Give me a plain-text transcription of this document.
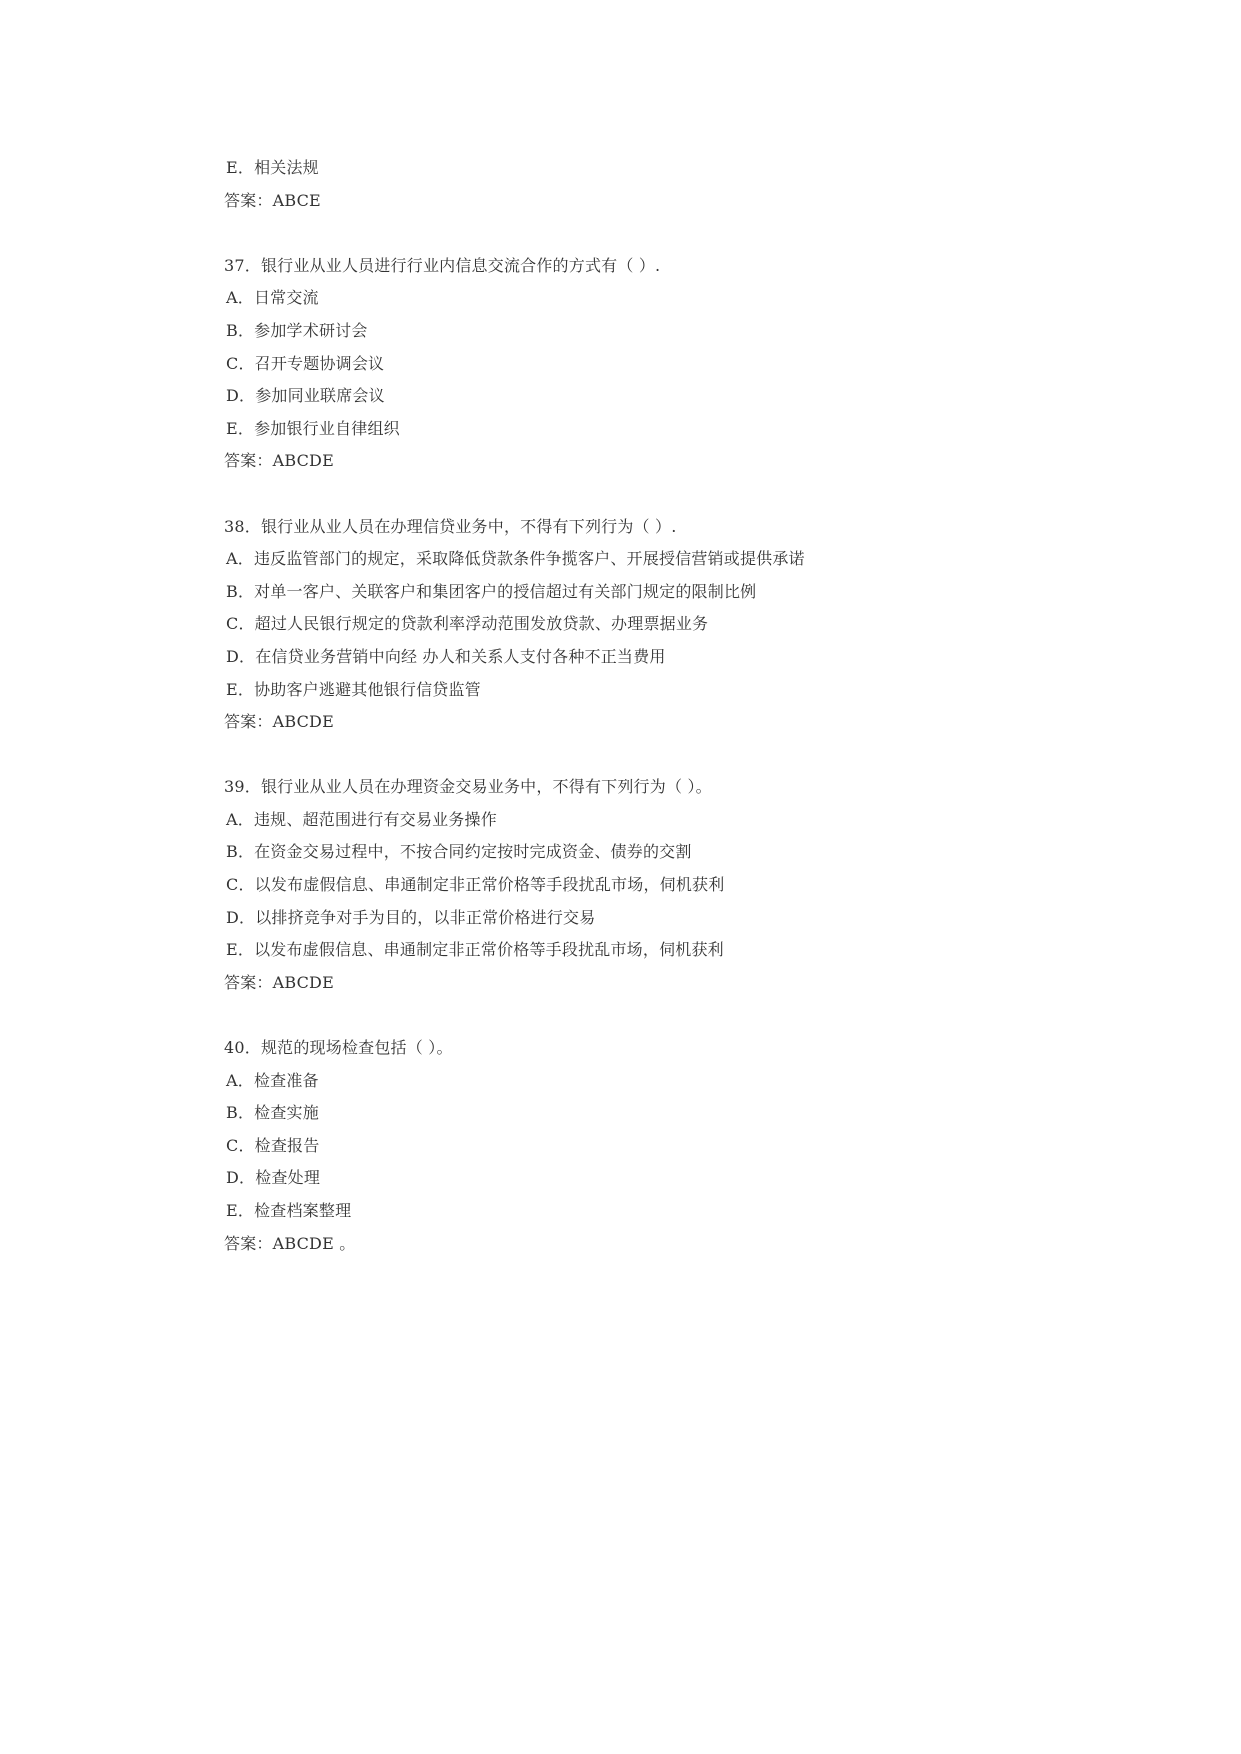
E．相关法规
答案：ABCE
37．银行业从业人员进行行业内信息交流合作的方式有（ ）.
A．日常交流
B．参加学术研讨会
C．召开专题协调会议
D．参加同业联席会议
E．参加银行业自律组织
答案：ABCDE
38．银行业从业人员在办理信贷业务中，不得有下列行为（ ）.
A．违反监管部门的规定，采取降低贷款条件争揽客户、开展授信营销或提供承诺
B．对单一客户、关联客户和集团客户的授信超过有关部门规定的限制比例
C．超过人民银行规定的贷款利率浮动范围发放贷款、办理票据业务
D．在信贷业务营销中向经 办人和关系人支付各种不正当费用
E．协助客户逃避其他银行信贷监管
答案：ABCDE
39．银行业从业人员在办理资金交易业务中，不得有下列行为（ ）。
A．违规、超范围进行有交易业务操作
B．在资金交易过程中，不按合同约定按时完成资金、债券的交割
C．以发布虚假信息、串通制定非正常价格等手段扰乱市场，伺机获利
D．以排挤竞争对手为目的，以非正常价格进行交易
E．以发布虚假信息、串通制定非正常价格等手段扰乱市场，伺机获利
答案：ABCDE
40．规范的现场检查包括（ ）。
A．检查准备
B．检查实施
C．检查报告
D．检查处理
E．检查档案整理
答案：ABCDE 。
